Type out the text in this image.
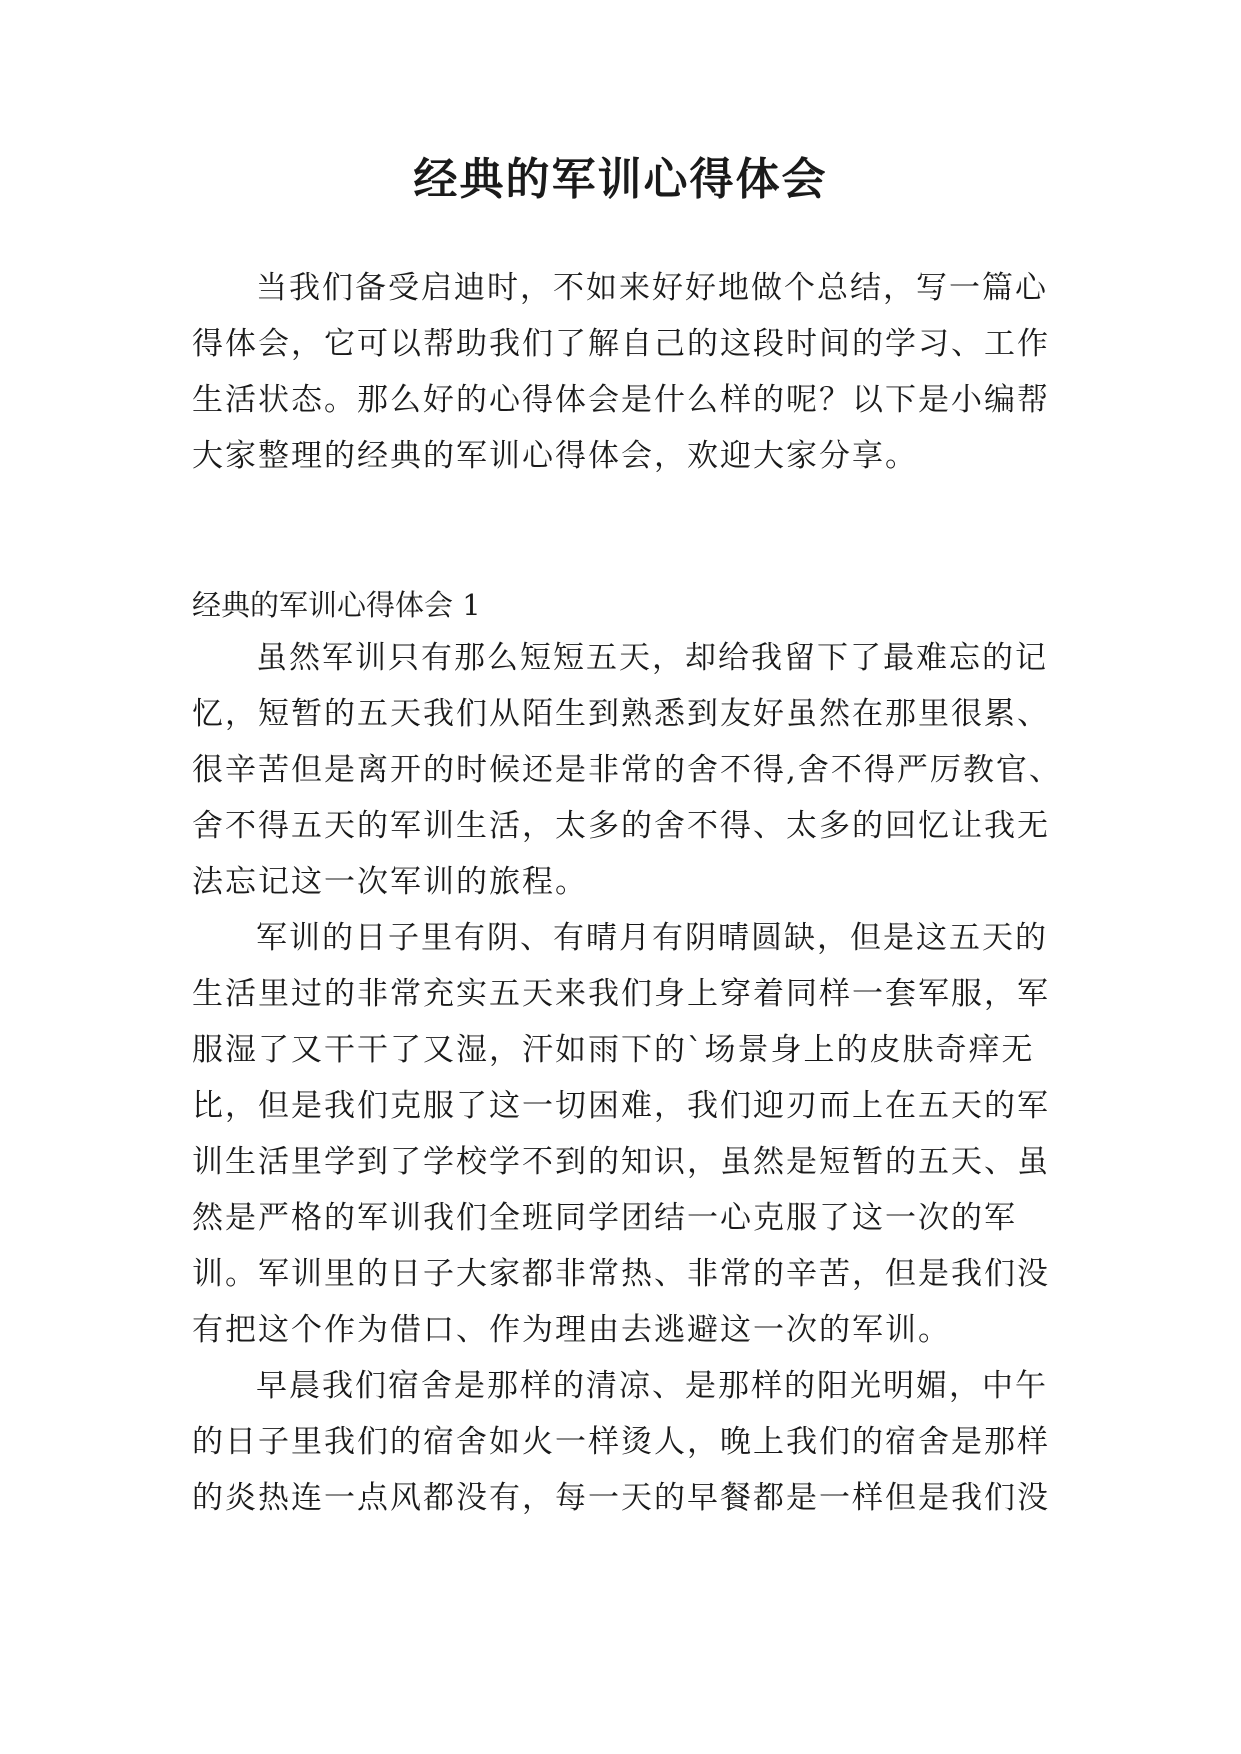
经典的军训心得体会
当我们备受启迪时，不如来好好地做个总结，写一篇心
得体会，它可以帮助我们了解自己的这段时间的学习、工作
生活状态。那么好的心得体会是什么样的呢？以下是小编帮
大家整理的经典的军训心得体会，欢迎大家分享。
经典的军训心得体会 1
虽然军训只有那么短短五天，却给我留下了最难忘的记
忆，短暂的五天我们从陌生到熟悉到友好虽然在那里很累、
很辛苦但是离开的时候还是非常的舍不得,舍不得严厉教官、
舍不得五天的军训生活，太多的舍不得、太多的回忆让我无
法忘记这一次军训的旅程。
军训的日子里有阴、有晴月有阴晴圆缺，但是这五天的
生活里过的非常充实五天来我们身上穿着同样一套军服，军
服湿了又干干了又湿，汗如雨下的`场景身上的皮肤奇痒无
比，但是我们克服了这一切困难，我们迎刃而上在五天的军
训生活里学到了学校学不到的知识，虽然是短暂的五天、虽
然是严格的军训我们全班同学团结一心克服了这一次的军
训。军训里的日子大家都非常热、非常的辛苦，但是我们没
有把这个作为借口、作为理由去逃避这一次的军训。
早晨我们宿舍是那样的清凉、是那样的阳光明媚，中午
的日子里我们的宿舍如火一样烫人，晚上我们的宿舍是那样
的炎热连一点风都没有，每一天的早餐都是一样但是我们没
